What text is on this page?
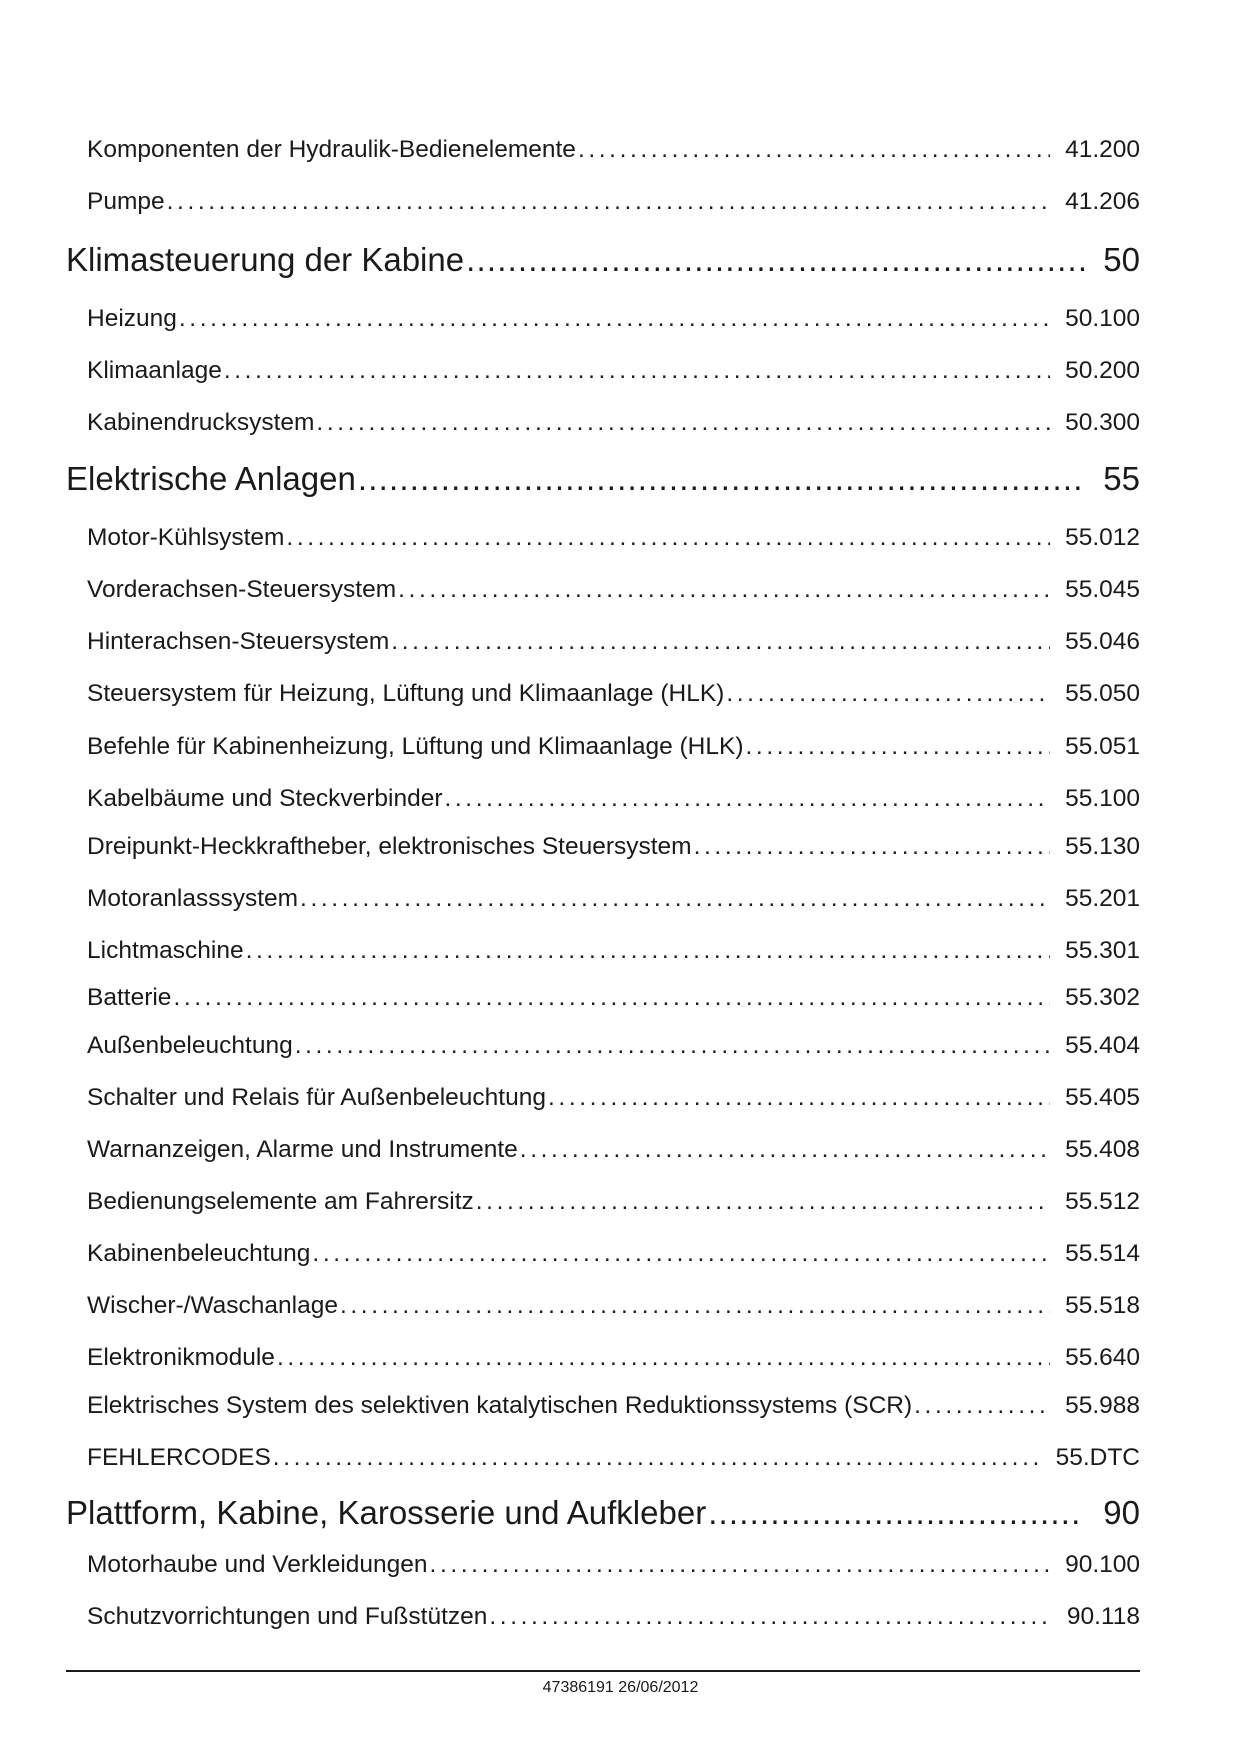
Komponenten der Hydraulik-Bedienelemente .....	41.200
Pumpe .....	41.206
Klimasteuerung der Kabine .....	50
Heizung .....	50.100
Klimaanlage .....	50.200
Kabinendrucksystem .....	50.300
Elektrische Anlagen .....	55
Motor-Kühlsystem .....	55.012
Vorderachsen-Steuersystem .....	55.045
Hinterachsen-Steuersystem .....	55.046
Steuersystem für Heizung, Lüftung und Klimaanlage (HLK) .....	55.050
Befehle für Kabinenheizung, Lüftung und Klimaanlage (HLK) .....	55.051
Kabelbäume und Steckverbinder .....	55.100
Dreipunkt-Heckkraftheber, elektronisches Steuersystem .....	55.130
Motoranlasssystem .....	55.201
Lichtmaschine .....	55.301
Batterie .....	55.302
Außenbeleuchtung .....	55.404
Schalter und Relais für Außenbeleuchtung .....	55.405
Warnanzeigen, Alarme und Instrumente .....	55.408
Bedienungselemente am Fahrersitz .....	55.512
Kabinenbeleuchtung .....	55.514
Wischer-/Waschanlage .....	55.518
Elektronikmodule .....	55.640
Elektrisches System des selektiven katalytischen Reduktionssystems (SCR) .....	55.988
FEHLERCODES .....	55.DTC
Plattform, Kabine, Karosserie und Aufkleber .....	90
Motorhaube und Verkleidungen .....	90.100
Schutzvorrichtungen und Fußstützen .....	90.118
47386191 26/06/2012
